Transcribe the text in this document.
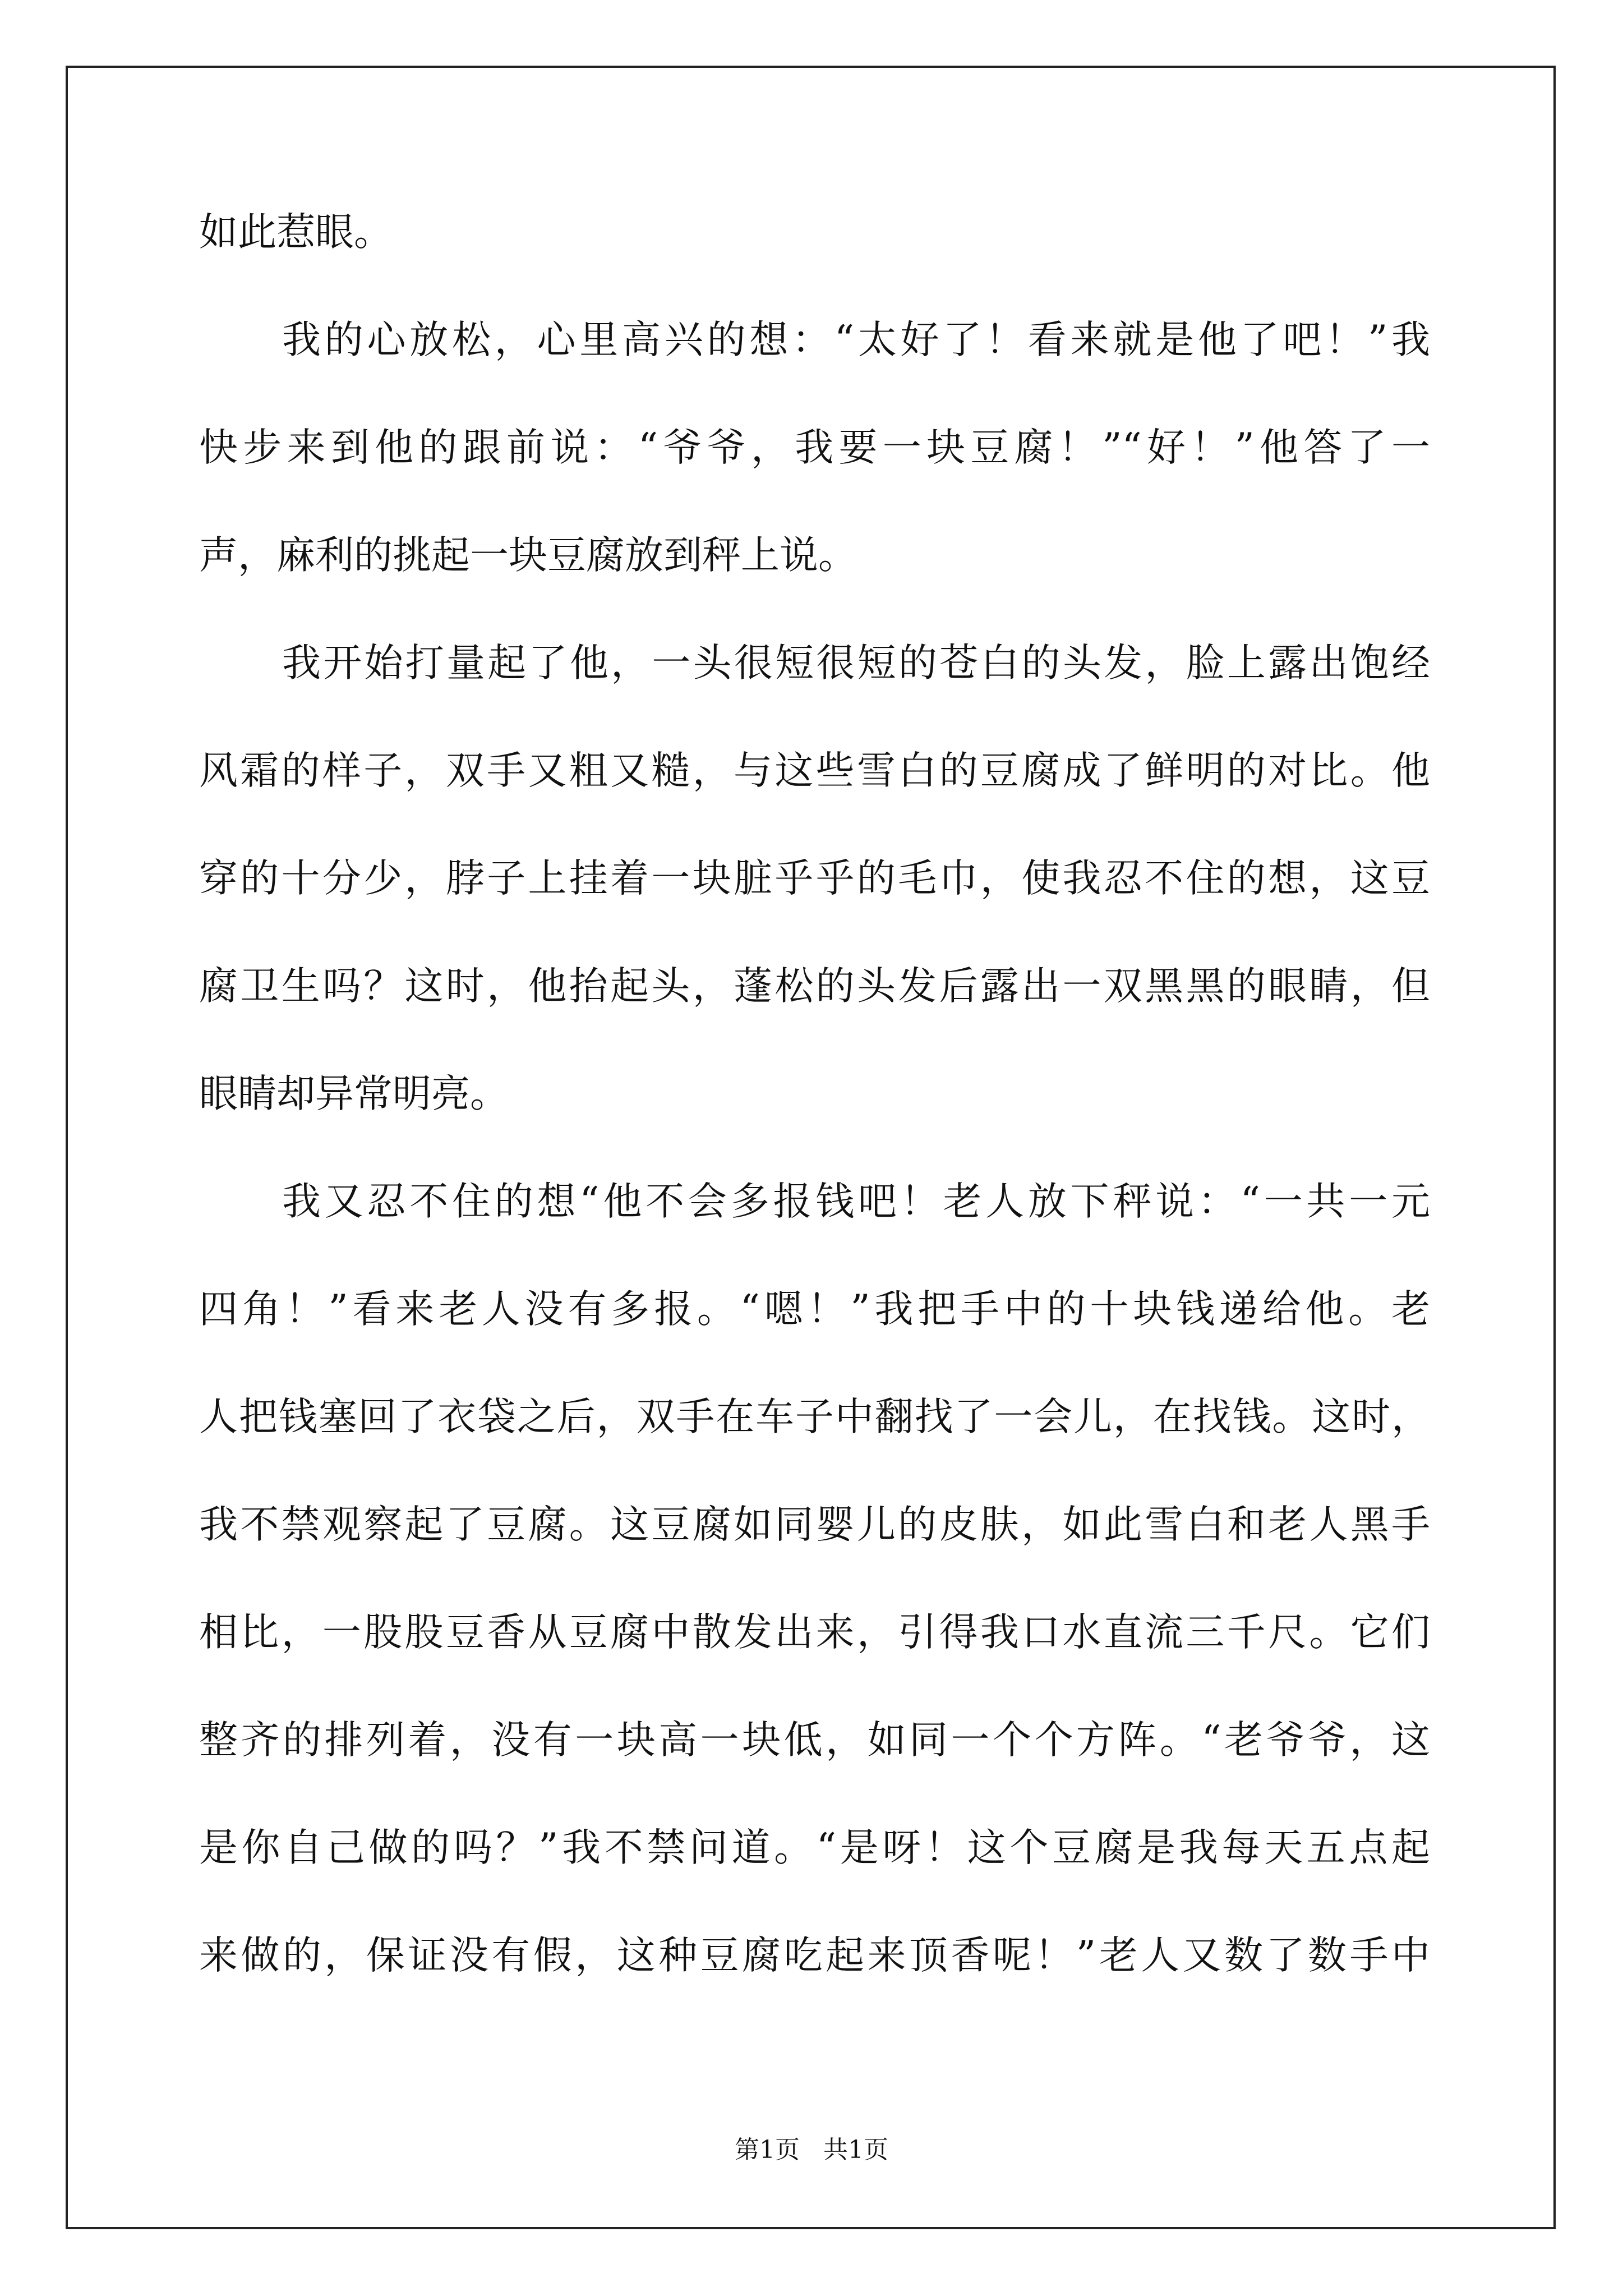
如此惹眼。
我的心放松，心里高兴的想：“太好了！看来就是他了吧！”我
快步来到他的跟前说：“爷爷，我要一块豆腐！”“好！”他答了一
声，麻利的挑起一块豆腐放到秤上说。
我开始打量起了他，一头很短很短的苍白的头发，脸上露出饱经
风霜的样子，双手又粗又糙，与这些雪白的豆腐成了鲜明的对比。他
穿的十分少，脖子上挂着一块脏乎乎的毛巾，使我忍不住的想，这豆
腐卫生吗？这时，他抬起头，蓬松的头发后露出一双黑黑的眼睛，但
眼睛却异常明亮。
我又忍不住的想“他不会多报钱吧！老人放下秤说：“一共一元
四角！”看来老人没有多报。“嗯！”我把手中的十块钱递给他。老
人把钱塞回了衣袋之后，双手在车子中翻找了一会儿，在找钱。这时，
我不禁观察起了豆腐。这豆腐如同婴儿的皮肤，如此雪白和老人黑手
相比，一股股豆香从豆腐中散发出来，引得我口水直流三千尺。它们
整齐的排列着，没有一块高一块低，如同一个个方阵。“老爷爷，这
是你自己做的吗？”我不禁问道。“是呀！这个豆腐是我每天五点起
来做的，保证没有假，这种豆腐吃起来顶香呢！”老人又数了数手中
第1页   共1页
